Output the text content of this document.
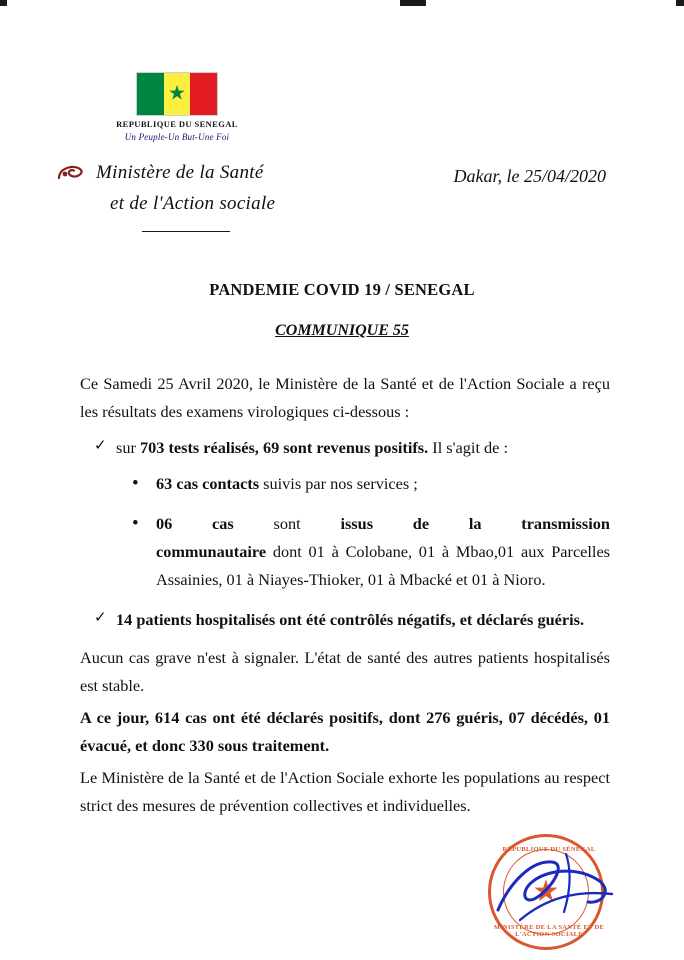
★
REPUBLIQUE DU SENEGAL
Un Peuple-Un But-Une Foi
Ministère de la Santé
et de l'Action sociale
Dakar, le 25/04/2020
PANDEMIE COVID 19 / SENEGAL
COMMUNIQUE 55

Ce Samedi 25 Avril 2020, le Ministère de la Santé et de l'Action Sociale a reçu les résultats des examens virologiques ci-dessous :

✓ sur 703 tests réalisés, 69 sont revenus positifs. Il s'agit de :
• 63 cas contacts suivis par nos services ;
• 06 cas sont issus de la transmission
communautaire dont 01 à Colobane, 01 à Mbao,01 aux Parcelles Assainies, 01 à Niayes-Thioker, 01 à Mbacké et 01 à Nioro.
✓ 14 patients hospitalisés ont été contrôlés négatifs, et déclarés guéris.

Aucun cas grave n'est à signaler. L'état de santé des autres patients hospitalisés est stable.

A ce jour, 614 cas ont été déclarés positifs, dont 276 guéris, 07 décédés, 01 évacué, et donc 330 sous traitement.

Le Ministère de la Santé et de l'Action Sociale exhorte les populations au respect strict des mesures de prévention collectives et individuelles.

RÉPUBLIQUE DU SÉNÉGAL
★
MINISTÈRE DE LA SANTÉ ET DE L'ACTION SOCIALE
